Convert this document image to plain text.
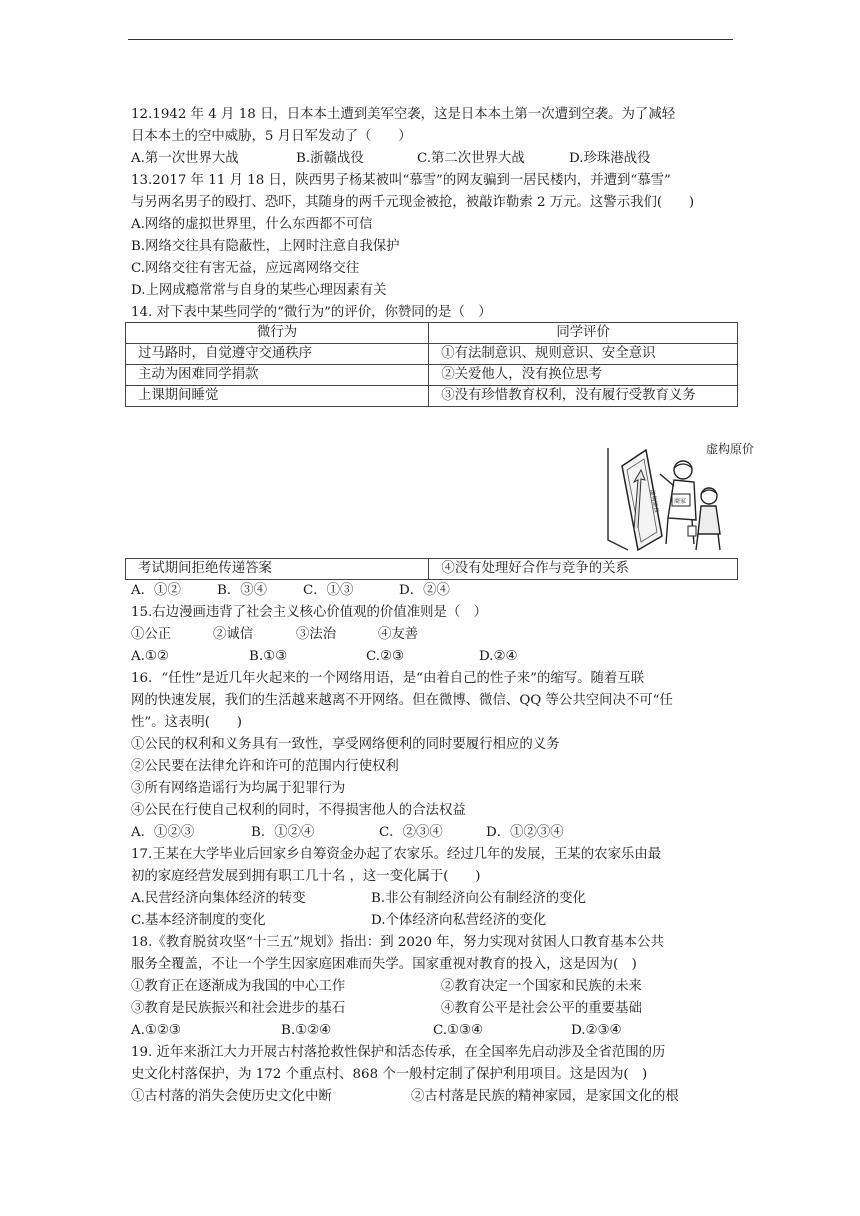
12.1942 年 4 月 18 日，日本本土遭到美军空袭，这是日本本土第一次遭到空袭。为了减轻
日本本土的空中威胁，5 月日军发动了（　　）

A.第一次世界大战

	B.浙赣战役

	C.第二次世界大战

	D.珍珠港战役

13.2017 年 11 月 18 日，陕西男子杨某被叫“慕雪”的网友骗到一居民楼内，并遭到“慕雪”
与另两名男子的殴打、恐吓，其随身的两千元现金被抢，被敲诈勒索 2 万元。这警示我们(　　)
A.网络的虚拟世界里，什么东西都不可信
B.网络交往具有隐蔽性，上网时注意自我保护
C.网络交往有害无益，应远离网络交往
D.上网成瘾常常与自身的某些心理因素有关
14. 对下表中某些同学的“微行为”的评价，你赞同的是（　）
微行为	同学评价
过马路时，自觉遵守交通秩序	①有法制意识、规则意识、安全意识
主动为困难同学捐款	②关爱他人，没有换位思考
上课期间睡觉	③没有珍惜教育权利，没有履行受教育义务
虚构原价
虚构原价 商家
考试期间拒绝传递答案	④没有处理好合作与竞争的关系

A．①②

	B．③④

	C．①③

	D．②④

15.右边漫画违背了社会主义核心价值观的价值准则是（　）

①公正

	②诚信

	③法治

	④友善

A.①②

	B.①③

	C.②③

	D.②④

16．“任性”是近几年火起来的一个网络用语，是“由着自己的性子来”的缩写。随着互联
网的快速发展，我们的生活越来越离不开网络。但在微博、微信、QQ 等公共空间决不可“任
性”。这表明(　　)
①公民的权利和义务具有一致性，享受网络便利的同时要履行相应的义务
②公民要在法律允许和许可的范围内行使权利
③所有网络造谣行为均属于犯罪行为
④公民在行使自己权利的同时，不得损害他人的合法权益

A．①②③

	B．①②④

	C．②③④

	D．①②③④

17.王某在大学毕业后回家乡自筹资金办起了农家乐。经过几年的发展，王某的农家乐由最
初的家庭经营发展到拥有职工几十名 ，这一变化属于(　　)

A.民营经济向集体经济的转变

	B.非公有制经济向公有制经济的变化

C.基本经济制度的变化

	D.个体经济向私营经济的变化

18.《教育脱贫攻坚“十三五”规划》指出：到 2020 年，努力实现对贫困人口教育基本公共
服务全覆盖，不让一个学生因家庭困难而失学。国家重视对教育的投入，这是因为(　)

①教育正在逐渐成为我国的中心工作

	②教育决定一个国家和民族的未来

③教育是民族振兴和社会进步的基石

	④教育公平是社会公平的重要基础

A.①②③

	B.①②④

	C.①③④

	D.②③④

19. 近年来浙江大力开展古村落抢救性保护和活态传承，在全国率先启动涉及全省范围的历
史文化村落保护，为 172 个重点村、868 个一般村定制了保护利用项目。这是因为(　)

①古村落的消失会使历史文化中断

	②古村落是民族的精神家园，是家国文化的根
